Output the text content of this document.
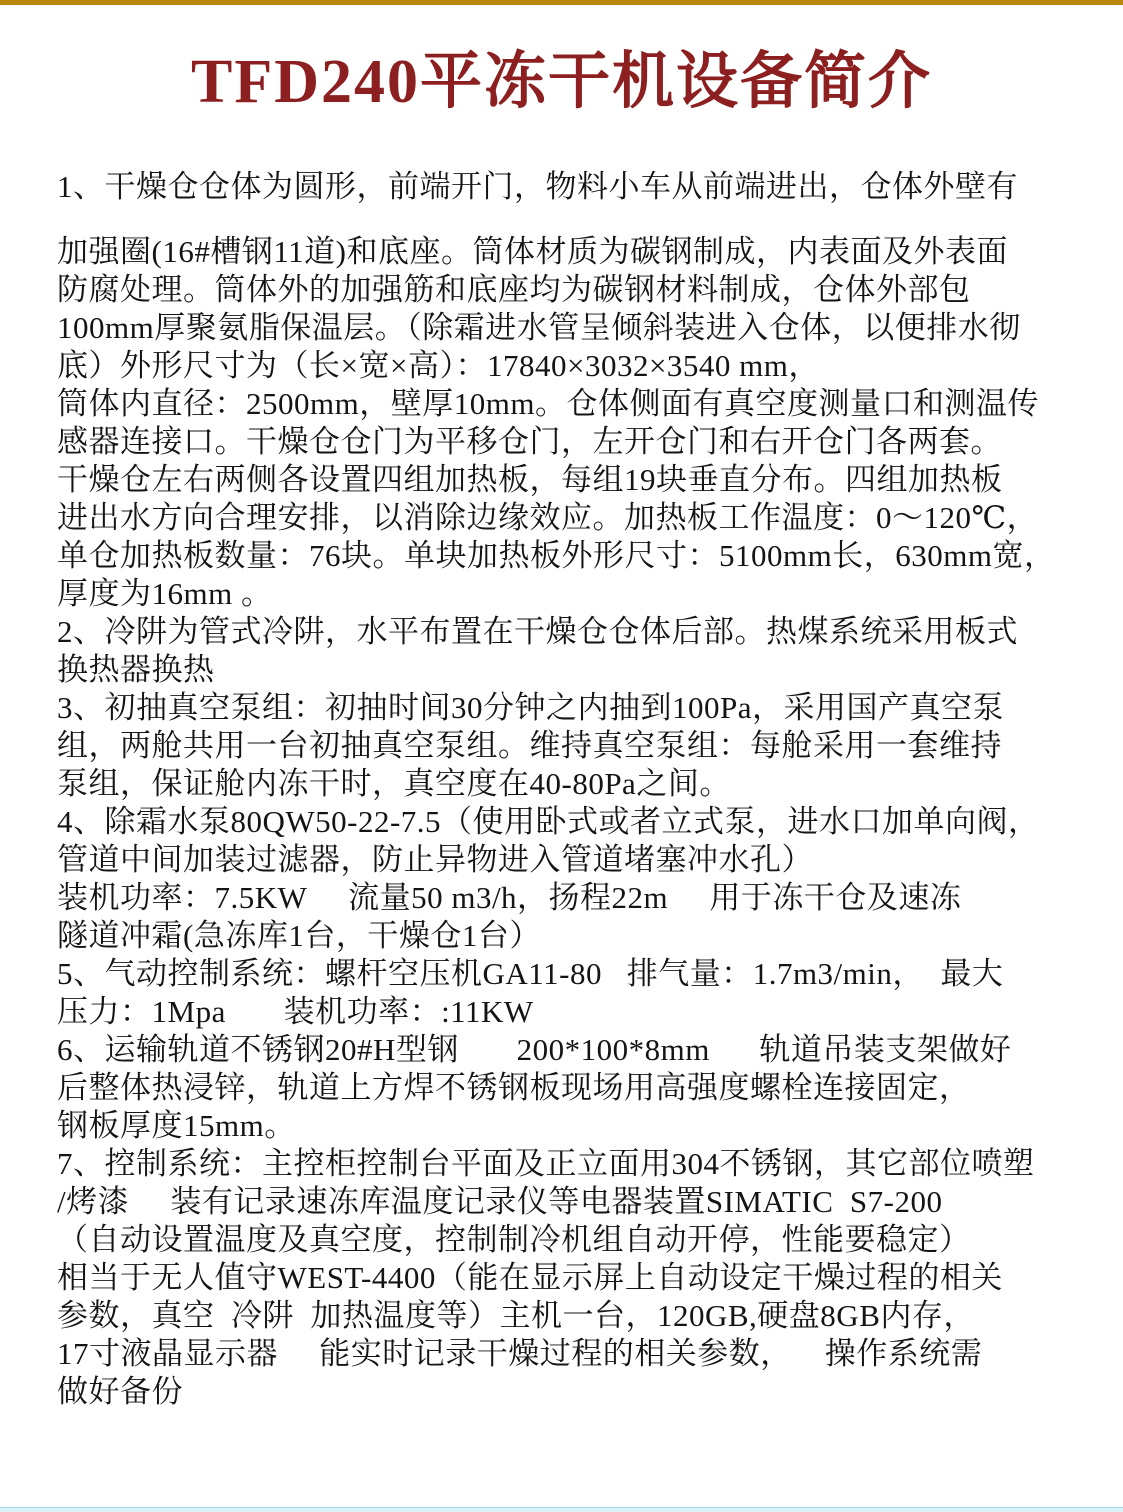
TFD240平冻干机设备简介
1、干燥仓仓体为圆形，前端开门，物料小车从前端进出，仓体外壁有
加强圈(16#槽钢11道)和底座。筒体材质为碳钢制成，内表面及外表面
防腐处理。筒体外的加强筋和底座均为碳钢材料制成，仓体外部包
100mm厚聚氨脂保温层。（除霜进水管呈倾斜装进入仓体，以便排水彻
底）外形尺寸为（长×宽×高）：17840×3032×3540 mm，
筒体内直径：2500mm，壁厚10mm。仓体侧面有真空度测量口和测温传
感器连接口。干燥仓仓门为平移仓门，左开仓门和右开仓门各两套。
干燥仓左右两侧各设置四组加热板，每组19块垂直分布。四组加热板
进出水方向合理安排，以消除边缘效应。加热板工作温度：0～120℃，
单仓加热板数量：76块。单块加热板外形尺寸：5100mm长，630mm宽，
厚度为16mm 。
2、冷阱为管式冷阱，水平布置在干燥仓仓体后部。热煤系统采用板式
换热器换热
3、初抽真空泵组：初抽时间30分钟之内抽到100Pa，采用国产真空泵
组，两舱共用一台初抽真空泵组。维持真空泵组：每舱采用一套维持
泵组，保证舱内冻干时，真空度在40-80Pa之间。
4、除霜水泵80QW50-22-7.5（使用卧式或者立式泵，进水口加单向阀，
管道中间加装过滤器，防止异物进入管道堵塞冲水孔）
装机功率：7.5KW     流量50 m3/h，扬程22m     用于冻干仓及速冻
隧道冲霜(急冻库1台，干燥仓1台）
5、气动控制系统：螺杆空压机GA11-80   排气量：1.7m3/min，  最大
压力：1Mpa       装机功率：:11KW
6、运输轨道不锈钢20#H型钢       200*100*8mm      轨道吊装支架做好
后整体热浸锌，轨道上方焊不锈钢板现场用高强度螺栓连接固定，
钢板厚度15mm。
7、控制系统：主控柜控制台平面及正立面用304不锈钢，其它部位喷塑
/烤漆     装有记录速冻库温度记录仪等电器装置SIMATIC  S7-200
（自动设置温度及真空度，控制制冷机组自动开停，性能要稳定）
相当于无人值守WEST-4400（能在显示屏上自动设定干燥过程的相关
参数，真空  冷阱  加热温度等）主机一台，120GB,硬盘8GB内存，
17寸液晶显示器     能实时记录干燥过程的相关参数，    操作系统需
做好备份
